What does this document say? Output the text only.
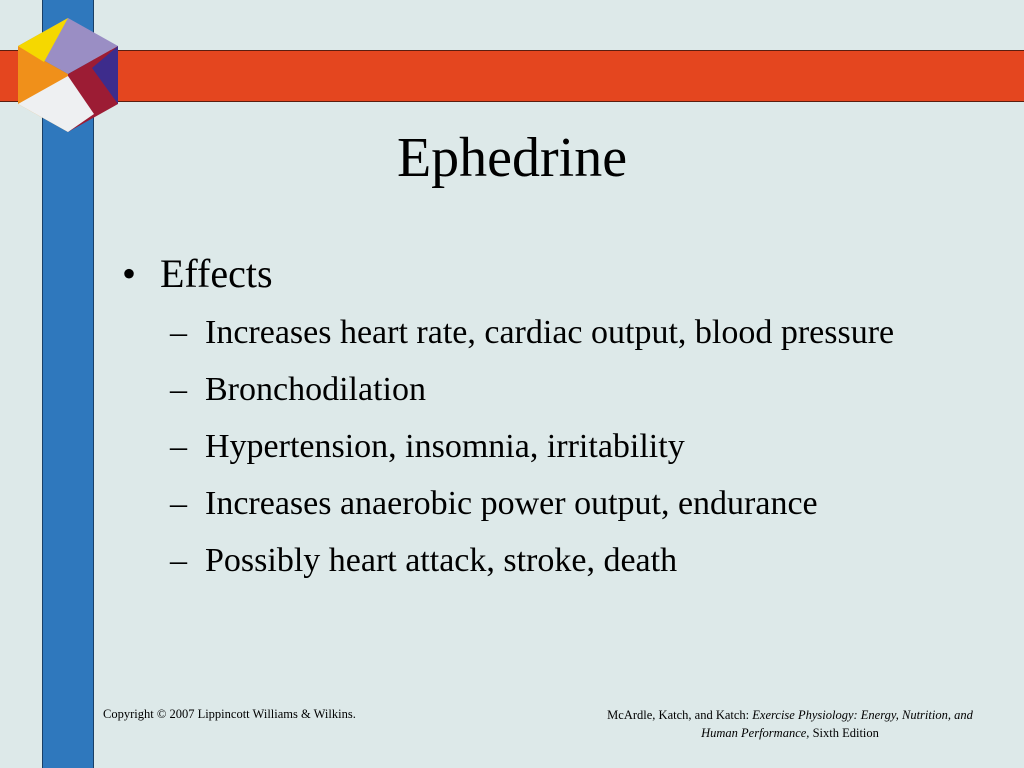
Ephedrine
• Effects
– Increases heart rate, cardiac output, blood pressure
– Bronchodilation
– Hypertension, insomnia, irritability
– Increases anaerobic power output, endurance
– Possibly heart attack, stroke, death
Copyright © 2007 Lippincott Williams & Wilkins.	McArdle, Katch, and Katch: Exercise Physiology: Energy, Nutrition, and Human Performance, Sixth Edition
